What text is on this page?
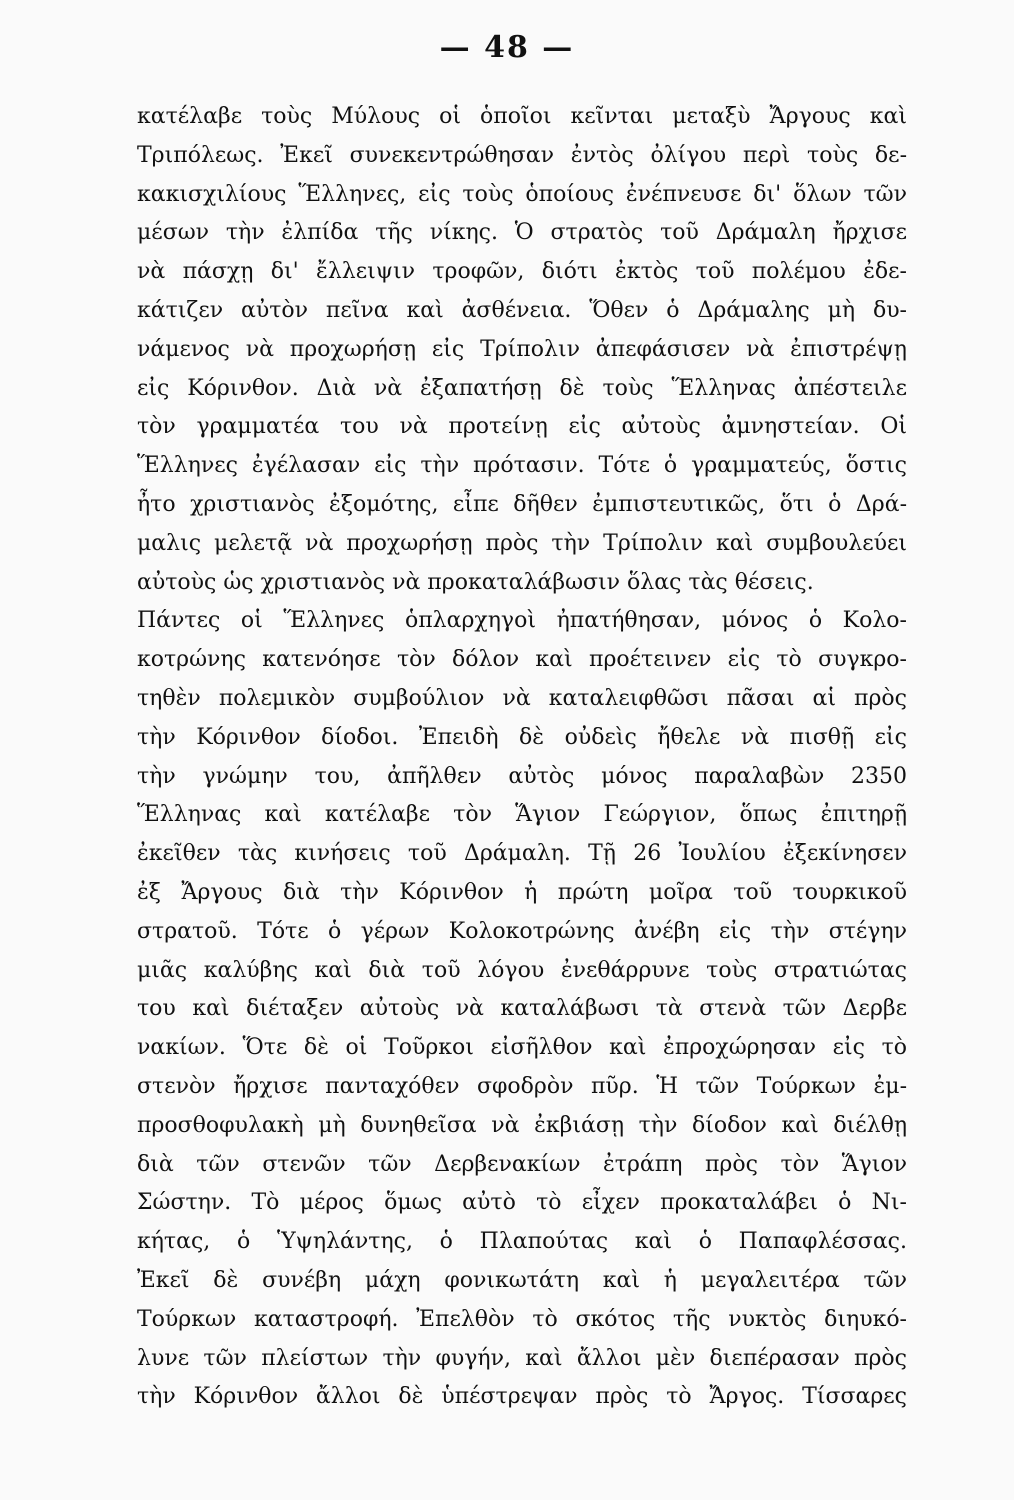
— 48 —
κατέλαβε τοὺς Μύλους οἱ ὁποῖοι κεῖνται μεταξὺ Ἄργους καὶ
Τριπόλεως. Ἐκεῖ συνεκεντρώθησαν ἐντὸς ὀλίγου περὶ τοὺς δε-
κακισχιλίους Ἕλληνες, εἰς τοὺς ὁποίους ἐνέπνευσε δι' ὅλων τῶν
μέσων τὴν ἐλπίδα τῆς νίκης. Ὁ στρατὸς τοῦ Δράμαλη ἤρχισε
νὰ πάσχῃ δι' ἔλλειψιν τροφῶν, διότι ἐκτὸς τοῦ πολέμου ἐδε-
κάτιζεν αὐτὸν πεῖνα καὶ ἀσθένεια. Ὅθεν ὁ Δράμαλης μὴ δυ-
νάμενος νὰ προχωρήσῃ εἰς Τρίπολιν ἀπεφάσισεν νὰ ἐπιστρέψῃ
εἰς Κόρινθον. Διὰ νὰ ἐξαπατήσῃ δὲ τοὺς Ἕλληνας ἀπέστειλε
τὸν γραμματέα του νὰ προτείνῃ εἰς αὐτοὺς ἀμνηστείαν. Οἱ
Ἕλληνες ἐγέλασαν εἰς τὴν πρότασιν. Τότε ὁ γραμματεύς, ὅστις
ἦτο χριστιανὸς ἐξομότης, εἶπε δῆθεν ἐμπιστευτικῶς, ὅτι ὁ Δρά-
μαλις μελετᾷ νὰ προχωρήσῃ πρὸς τὴν Τρίπολιν καὶ συμβουλεύει
αὐτοὺς ὡς χριστιανὸς νὰ προκαταλάβωσιν ὅλας τὰς θέσεις.
Πάντες οἱ Ἕλληνες ὁπλαρχηγοὶ ἠπατήθησαν, μόνος ὁ Κολο-
κοτρώνης κατενόησε τὸν δόλον καὶ προέτεινεν εἰς τὸ συγκρο-
τηθὲν πολεμικὸν συμβούλιον νὰ καταλειφθῶσι πᾶσαι αἱ πρὸς
τὴν Κόρινθον δίοδοι. Ἐπειδὴ δὲ οὐδεὶς ἤθελε νὰ πισθῇ εἰς
τὴν γνώμην του, ἀπῆλθεν αὐτὸς μόνος παραλαβὼν 2350
Ἕλληνας καὶ κατέλαβε τὸν Ἅγιον Γεώργιον, ὅπως ἐπιτηρῇ
ἐκεῖθεν τὰς κινήσεις τοῦ Δράμαλη. Τῇ 26 Ἰουλίου ἐξεκίνησεν
ἐξ Ἄργους διὰ τὴν Κόρινθον ἡ πρώτη μοῖρα τοῦ τουρκικοῦ
στρατοῦ. Τότε ὁ γέρων Κολοκοτρώνης ἀνέβη εἰς τὴν στέγην
μιᾶς καλύβης καὶ διὰ τοῦ λόγου ἐνεθάρρυνε τοὺς στρατιώτας
του καὶ διέταξεν αὐτοὺς νὰ καταλάβωσι τὰ στενὰ τῶν Δερβε
νακίων. Ὅτε δὲ οἱ Τοῦρκοι εἰσῆλθον καὶ ἐπροχώρησαν εἰς τὸ
στενὸν ἤρχισε πανταχόθεν σφοδρὸν πῦρ. Ἡ τῶν Τούρκων ἐμ-
προσθοφυλακὴ μὴ δυνηθεῖσα νὰ ἐκβιάσῃ τὴν δίοδον καὶ διέλθῃ
διὰ τῶν στενῶν τῶν Δερβενακίων ἐτράπη πρὸς τὸν Ἅγιον
Σώστην. Τὸ μέρος ὅμως αὐτὸ τὸ εἶχεν προκαταλάβει ὁ Νι-
κήτας, ὁ Ὑψηλάντης, ὁ Πλαπούτας καὶ ὁ Παπαφλέσσας.
Ἐκεῖ δὲ συνέβη μάχη φονικωτάτη καὶ ἡ μεγαλειτέρα τῶν
Τούρκων καταστροφή. Ἐπελθὸν τὸ σκότος τῆς νυκτὸς διηυκό-
λυνε τῶν πλείστων τὴν φυγήν, καὶ ἄλλοι μὲν διεπέρασαν πρὸς
τὴν Κόρινθον ἄλλοι δὲ ὑπέστρεψαν πρὸς τὸ Ἄργος. Τίσσαρες
